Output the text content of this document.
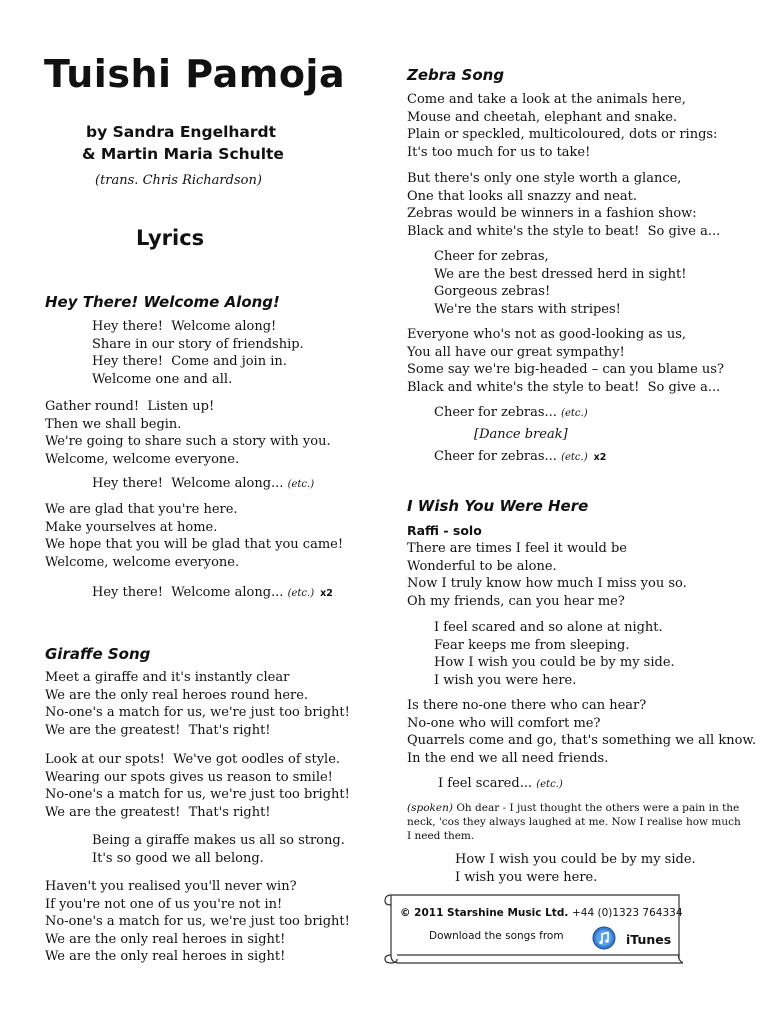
Tuishi Pamoja
by Sandra Engelhardt
& Martin Maria Schulte
(trans. Chris Richardson)
Lyrics
Hey There! Welcome Along!
Hey there!  Welcome along!
Share in our story of friendship.
Hey there!  Come and join in.
Welcome one and all.
Gather round!  Listen up!
Then we shall begin.
We're going to share such a story with you.
Welcome, welcome everyone.
Hey there!  Welcome along... (etc.)
We are glad that you're here.
Make yourselves at home.
We hope that you will be glad that you came!
Welcome, welcome everyone.
Hey there!  Welcome along... (etc.) x2
Giraffe Song
Meet a giraffe and it's instantly clear
We are the only real heroes round here.
No-one's a match for us, we're just too bright!
We are the greatest!  That's right!
Look at our spots!  We've got oodles of style.
Wearing our spots gives us reason to smile!
No-one's a match for us, we're just too bright!
We are the greatest!  That's right!
Being a giraffe makes us all so strong.
It's so good we all belong.
Haven't you realised you'll never win?
If you're not one of us you're not in!
No-one's a match for us, we're just too bright!
We are the only real heroes in sight!
We are the only real heroes in sight!
Zebra Song
Come and take a look at the animals here,
Mouse and cheetah, elephant and snake.
Plain or speckled, multicoloured, dots or rings:
It's too much for us to take!
But there's only one style worth a glance,
One that looks all snazzy and neat.
Zebras would be winners in a fashion show:
Black and white's the style to beat!  So give a...
Cheer for zebras,
We are the best dressed herd in sight!
Gorgeous zebras!
We're the stars with stripes!
Everyone who's not as good-looking as us,
You all have our great sympathy!
Some say we're big-headed – can you blame us?
Black and white's the style to beat!  So give a...
Cheer for zebras... (etc.)
[Dance break]
Cheer for zebras... (etc.) x2
I Wish You Were Here
Raffi - solo
There are times I feel it would be
Wonderful to be alone.
Now I truly know how much I miss you so.
Oh my friends, can you hear me?
I feel scared and so alone at night.
Fear keeps me from sleeping.
How I wish you could be by my side.
I wish you were here.
Is there no-one there who can hear?
No-one who will comfort me?
Quarrels come and go, that's something we all know.
In the end we all need friends.
I feel scared... (etc.)
(spoken) Oh dear - I just thought the others were a pain in the neck, 'cos they always laughed at me. Now I realise how much I need them.
How I wish you could be by my side.
I wish you were here.
© 2011 Starshine Music Ltd. +44 (0)1323 764334
Download the songs from	iTunes
